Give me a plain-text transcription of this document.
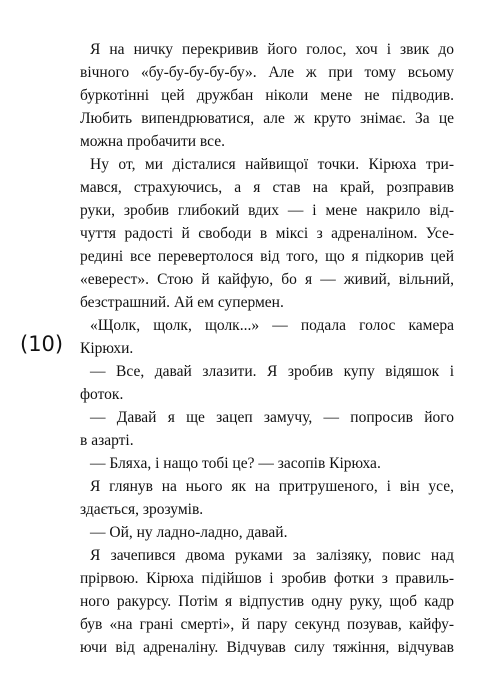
(10)
Я на ничку перекривив його голос, хоч і звик до
вічного «бу-бу-бу-бу-бу». Але ж при тому всьому
буркотінні цей дружбан ніколи мене не підводив.
Любить випендрюватися, але ж круто знімає. За це
можна пробачити все.
Ну от, ми дісталися найвищої точки. Кірюха три-
мався, страхуючись, а я став на край, розправив
руки, зробив глибокий вдих — і мене накрило від-
чуття радості й свободи в міксі з адреналіном. Усе-
редині все перевертолося від того, що я підкорив цей
«еверест». Стою й кайфую, бо я — живий, вільний,
безстрашний. Ай ем супермен.
«Щолк, щолк, щолк...» — подала голос камера
Кірюхи.
— Все, давай злазити. Я зробив купу відяшок і
фоток.
— Давай я ще зацеп замучу, — попросив його
в азарті.
— Бляха, і нащо тобі це? — засопів Кірюха.
Я глянув на нього як на притрушеного, і він усе,
здається, зрозумів.
— Ой, ну ладно-ладно, давай.
Я зачепився двома руками за залізяку, повис над
прірвою. Кірюха підійшов і зробив фотки з правиль-
ного ракурсу. Потім я відпустив одну руку, щоб кадр
був «на грані смерті», й пару секунд позував, кайфу-
ючи від адреналіну. Відчував силу тяжіння, відчував
